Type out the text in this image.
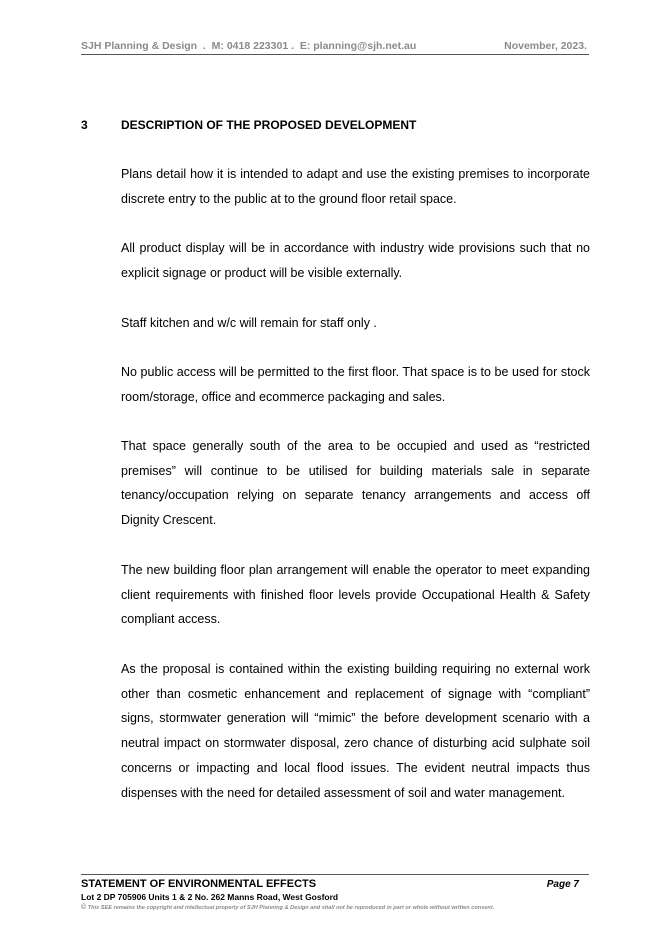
SJH Planning & Design  .  M: 0418 223301 .  E: planning@sjh.net.au	November, 2023.
3	DESCRIPTION OF THE PROPOSED DEVELOPMENT

Plans detail how it is intended to adapt and use the existing premises to incorporate discrete entry to the public at to the ground floor retail space.

All product display will be in accordance with industry wide provisions such that no explicit signage or product will be visible externally.

Staff kitchen and w/c will remain for staff only .

No public access will be permitted to the first floor. That space is to be used for stock room/storage, office and ecommerce packaging and sales.

That space generally south of the area to be occupied and used as “restricted premises” will continue to be utilised for building materials sale in separate tenancy/occupation relying on separate tenancy arrangements and access off Dignity Crescent.

The new building floor plan arrangement will enable the operator to meet expanding client requirements with finished floor levels provide Occupational Health & Safety compliant access.

As the proposal is contained within the existing building requiring no external work other than cosmetic enhancement and replacement of signage with “compliant” signs, stormwater generation will “mimic” the before development scenario with a neutral impact on stormwater disposal, zero chance of disturbing acid sulphate soil concerns or impacting and local flood issues. The evident neutral impacts thus dispenses with the need for detailed assessment of soil and water management.

STATEMENT OF ENVIRONMENTAL EFFECTS	Page 7
Lot 2 DP 705906 Units 1 & 2 No. 262 Manns Road, West Gosford
© This SEE remains the copyright and intellectual property of SJH Planning & Design and shall not be reproduced in part or whole without written consent.
